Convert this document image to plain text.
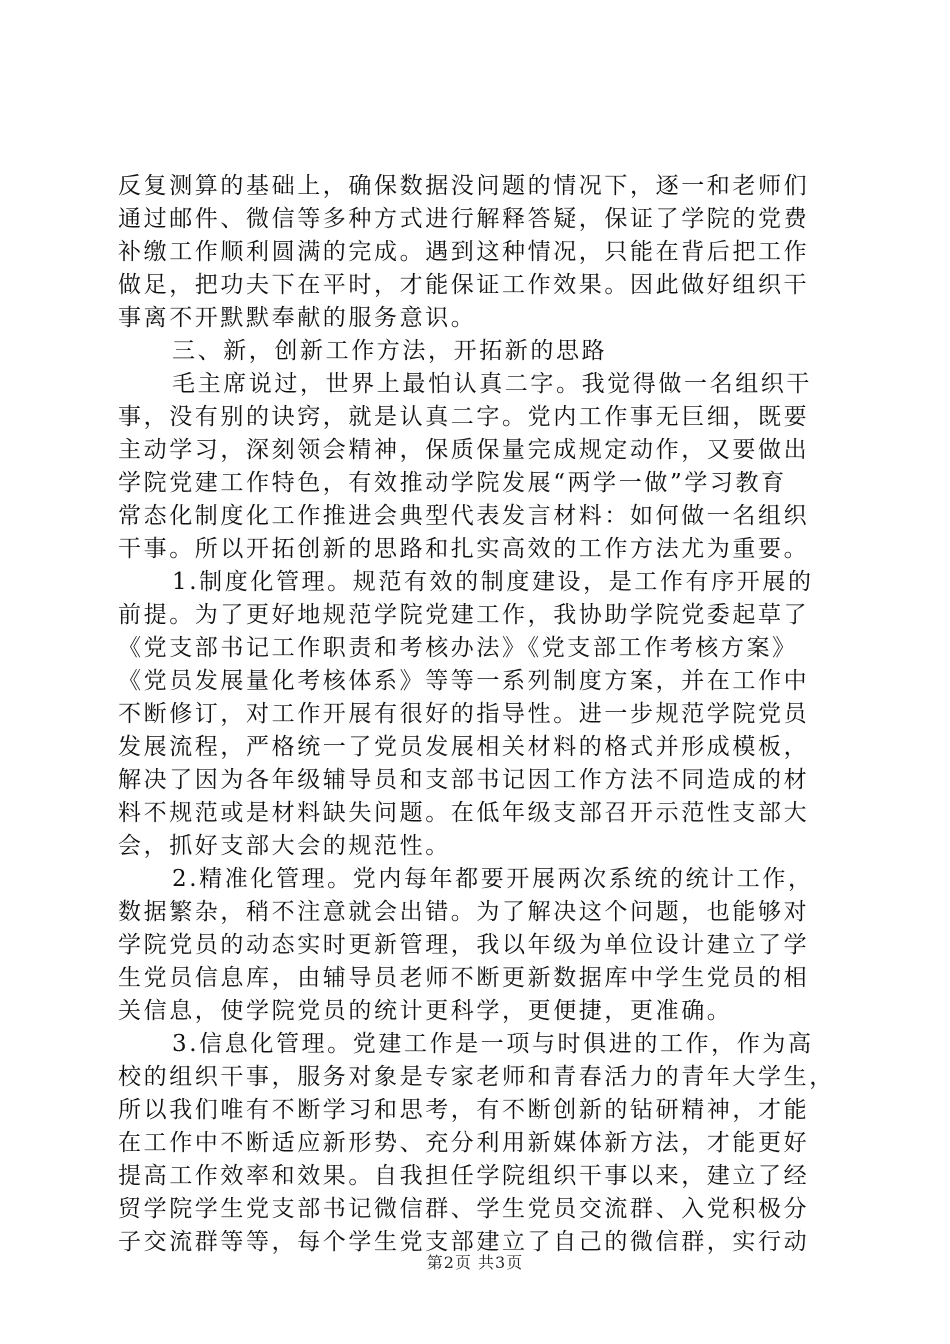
反复测算的基础上，确保数据没问题的情况下，逐一和老师们
通过邮件、微信等多种方式进行解释答疑，保证了学院的党费
补缴工作顺利圆满的完成。遇到这种情况，只能在背后把工作
做足，把功夫下在平时，才能保证工作效果。因此做好组织干
事离不开默默奉献的服务意识。
三、新，创新工作方法，开拓新的思路
毛主席说过，世界上最怕认真二字。我觉得做一名组织干
事，没有别的诀窍，就是认真二字。党内工作事无巨细，既要
主动学习，深刻领会精神，保质保量完成规定动作，又要做出
学院党建工作特色，有效推动学院发展“两学一做”学习教育
常态化制度化工作推进会典型代表发言材料：如何做一名组织
干事。所以开拓创新的思路和扎实高效的工作方法尤为重要。
1.制度化管理。规范有效的制度建设，是工作有序开展的
前提。为了更好地规范学院党建工作，我协助学院党委起草了
《党支部书记工作职责和考核办法》《党支部工作考核方案》
《党员发展量化考核体系》等等一系列制度方案，并在工作中
不断修订，对工作开展有很好的指导性。进一步规范学院党员
发展流程，严格统一了党员发展相关材料的格式并形成模板，
解决了因为各年级辅导员和支部书记因工作方法不同造成的材
料不规范或是材料缺失问题。在低年级支部召开示范性支部大
会，抓好支部大会的规范性。
2.精准化管理。党内每年都要开展两次系统的统计工作，
数据繁杂，稍不注意就会出错。为了解决这个问题，也能够对
学院党员的动态实时更新管理，我以年级为单位设计建立了学
生党员信息库，由辅导员老师不断更新数据库中学生党员的相
关信息，使学院党员的统计更科学，更便捷，更准确。
3.信息化管理。党建工作是一项与时俱进的工作，作为高
校的组织干事，服务对象是专家老师和青春活力的青年大学生，
所以我们唯有不断学习和思考，有不断创新的钻研精神，才能
在工作中不断适应新形势、充分利用新媒体新方法，才能更好
提高工作效率和效果。自我担任学院组织干事以来，建立了经
贸学院学生党支部书记微信群、学生党员交流群、入党积极分
子交流群等等，每个学生党支部建立了自己的微信群，实行动
第2页 共3页
